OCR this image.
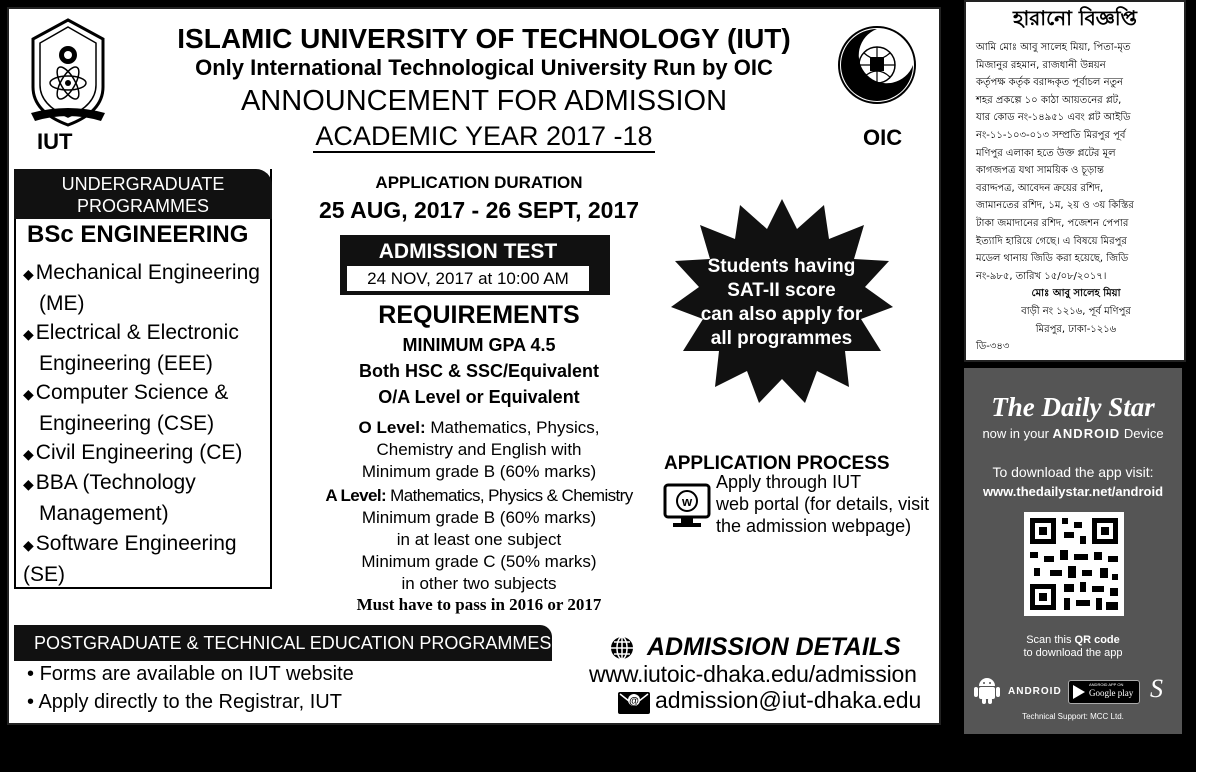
IUT	OIC
ISLAMIC UNIVERSITY OF TECHNOLOGY (IUT)
Only International Technological University Run by OIC
ANNOUNCEMENT FOR ADMISSION
ACADEMIC YEAR 2017 -18
UNDERGRADUATE
PROGRAMMES
BSc ENGINEERING
◆Mechanical Engineering
(ME)
◆Electrical & Electronic
Engineering (EEE)
◆Computer Science &
Engineering (CSE)
◆Civil Engineering (CE)
◆BBA (Technology
Management)
◆Software Engineering (SE)
APPLICATION DURATION
25 AUG, 2017 - 26 SEPT, 2017
ADMISSION TEST
24 NOV, 2017 at 10:00 AM
REQUIREMENTS
MINIMUM GPA 4.5
Both HSC & SSC/Equivalent
O/A Level or Equivalent
O Level: Mathematics, Physics,
Chemistry and English with
Minimum grade B (60% marks)
A Level: Mathematics, Physics & Chemistry
Minimum grade B (60% marks)
in at least one subject
Minimum grade C (50% marks)
in other two subjects
Must have to pass in 2016 or 2017
Students having
SAT-II score
can also apply for
all programmes
APPLICATION PROCESS
w
Apply through IUT
web portal (for details, visit
the admission webpage)
POSTGRADUATE & TECHNICAL EDUCATION PROGRAMMES
• Forms are available on IUT website
• Apply directly to the Registrar, IUT
ADMISSION DETAILS
www.iutoic-dhaka.edu/admission
@ admission@iut-dhaka.edu
হারানো বিজ্ঞপ্তি
আমি মোঃ আবু সালেহ মিয়া, পিতা-মৃত
মিজানুর রহমান, রাজধানী উন্নয়ন
কর্তৃপক্ষ কর্তৃক বরাদ্দকৃত পূর্বাচল নতুন
শহর প্রকল্পে ১০ কাঠা আয়তনের প্লট,
যার কোড নং-১৪৯৫১ এবং প্লট আইডি
নং-১১-১০৩-০১৩ সম্প্রতি মিরপুর পূর্ব
মণিপুর এলাকা হতে উক্ত প্লটের মূল
কাগজপত্র যথা সাময়িক ও চূড়ান্ত
বরাদ্দপত্র, আবেদন ক্রয়ের রশিদ,
জামানতের রশিদ, ১ম, ২য় ও ৩য় কিস্তির
টাকা জমাদানের রশিদ, পজেশন পেপার
ইত্যাদি হারিয়ে গেছে। এ বিষয়ে মিরপুর
মডেল থানায় জিডি করা হয়েছে, জিডি
নং-৯৮৫, তারিখ ১৫/০৮/২০১৭।
মোঃ আবু সালেহ মিয়া
বাড়ী নং ১২১৬, পূর্ব মণিপুর
মিরপুর, ঢাকা-১২১৬
ডি-৩৪৩
The Daily Star
now in your ANDROID Device
To download the app visit:
www.thedailystar.net/android
Scan this QR code
to download the app
ANDROID
ANDROID APP ON
Google play S
Technical Support: MCC Ltd.
